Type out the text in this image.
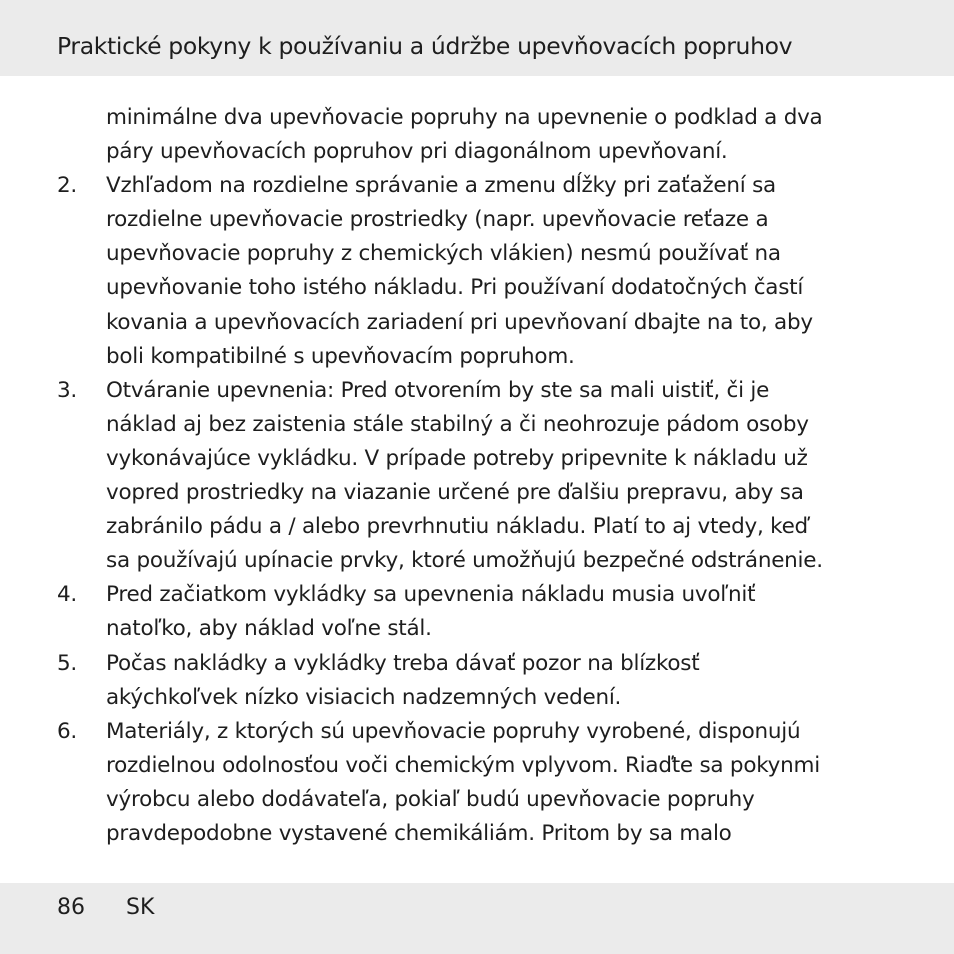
Praktické pokyny k používaniu a údržbe upevňovacích popruhov
minimálne dva upevňovacie popruhy na upevnenie o podklad a dva
páry upevňovacích popruhov pri diagonálnom upevňovaní.
2.	Vzhľadom na rozdielne správanie a zmenu dĺžky pri zaťažení sa
rozdielne upevňovacie prostriedky (napr. upevňovacie reťaze a
upevňovacie popruhy z chemických vlákien) nesmú používať na
upevňovanie toho istého nákladu. Pri používaní dodatočných častí
kovania a upevňovacích zariadení pri upevňovaní dbajte na to, aby
boli kompatibilné s upevňovacím popruhom.
3.	Otváranie upevnenia: Pred otvorením by ste sa mali uistiť, či je
náklad aj bez zaistenia stále stabilný a či neohrozuje pádom osoby
vykonávajúce vykládku. V prípade potreby pripevnite k nákladu už
vopred prostriedky na viazanie určené pre ďalšiu prepravu, aby sa
zabránilo pádu a / alebo prevrhnutiu nákladu. Platí to aj vtedy, keď
sa používajú upínacie prvky, ktoré umožňujú bezpečné odstránenie.
4.	Pred začiatkom vykládky sa upevnenia nákladu musia uvoľniť
natoľko, aby náklad voľne stál.
5.	Počas nakládky a vykládky treba dávať pozor na blízkosť
akýchkoľvek nízko visiacich nadzemných vedení.
6.	Materiály, z ktorých sú upevňovacie popruhy vyrobené, disponujú
rozdielnou odolnosťou voči chemickým vplyvom. Riaďte sa pokynmi
výrobcu alebo dodávateľa, pokiaľ budú upevňovacie popruhy
pravdepodobne vystavené chemikáliám. Pritom by sa malo
86 SK
